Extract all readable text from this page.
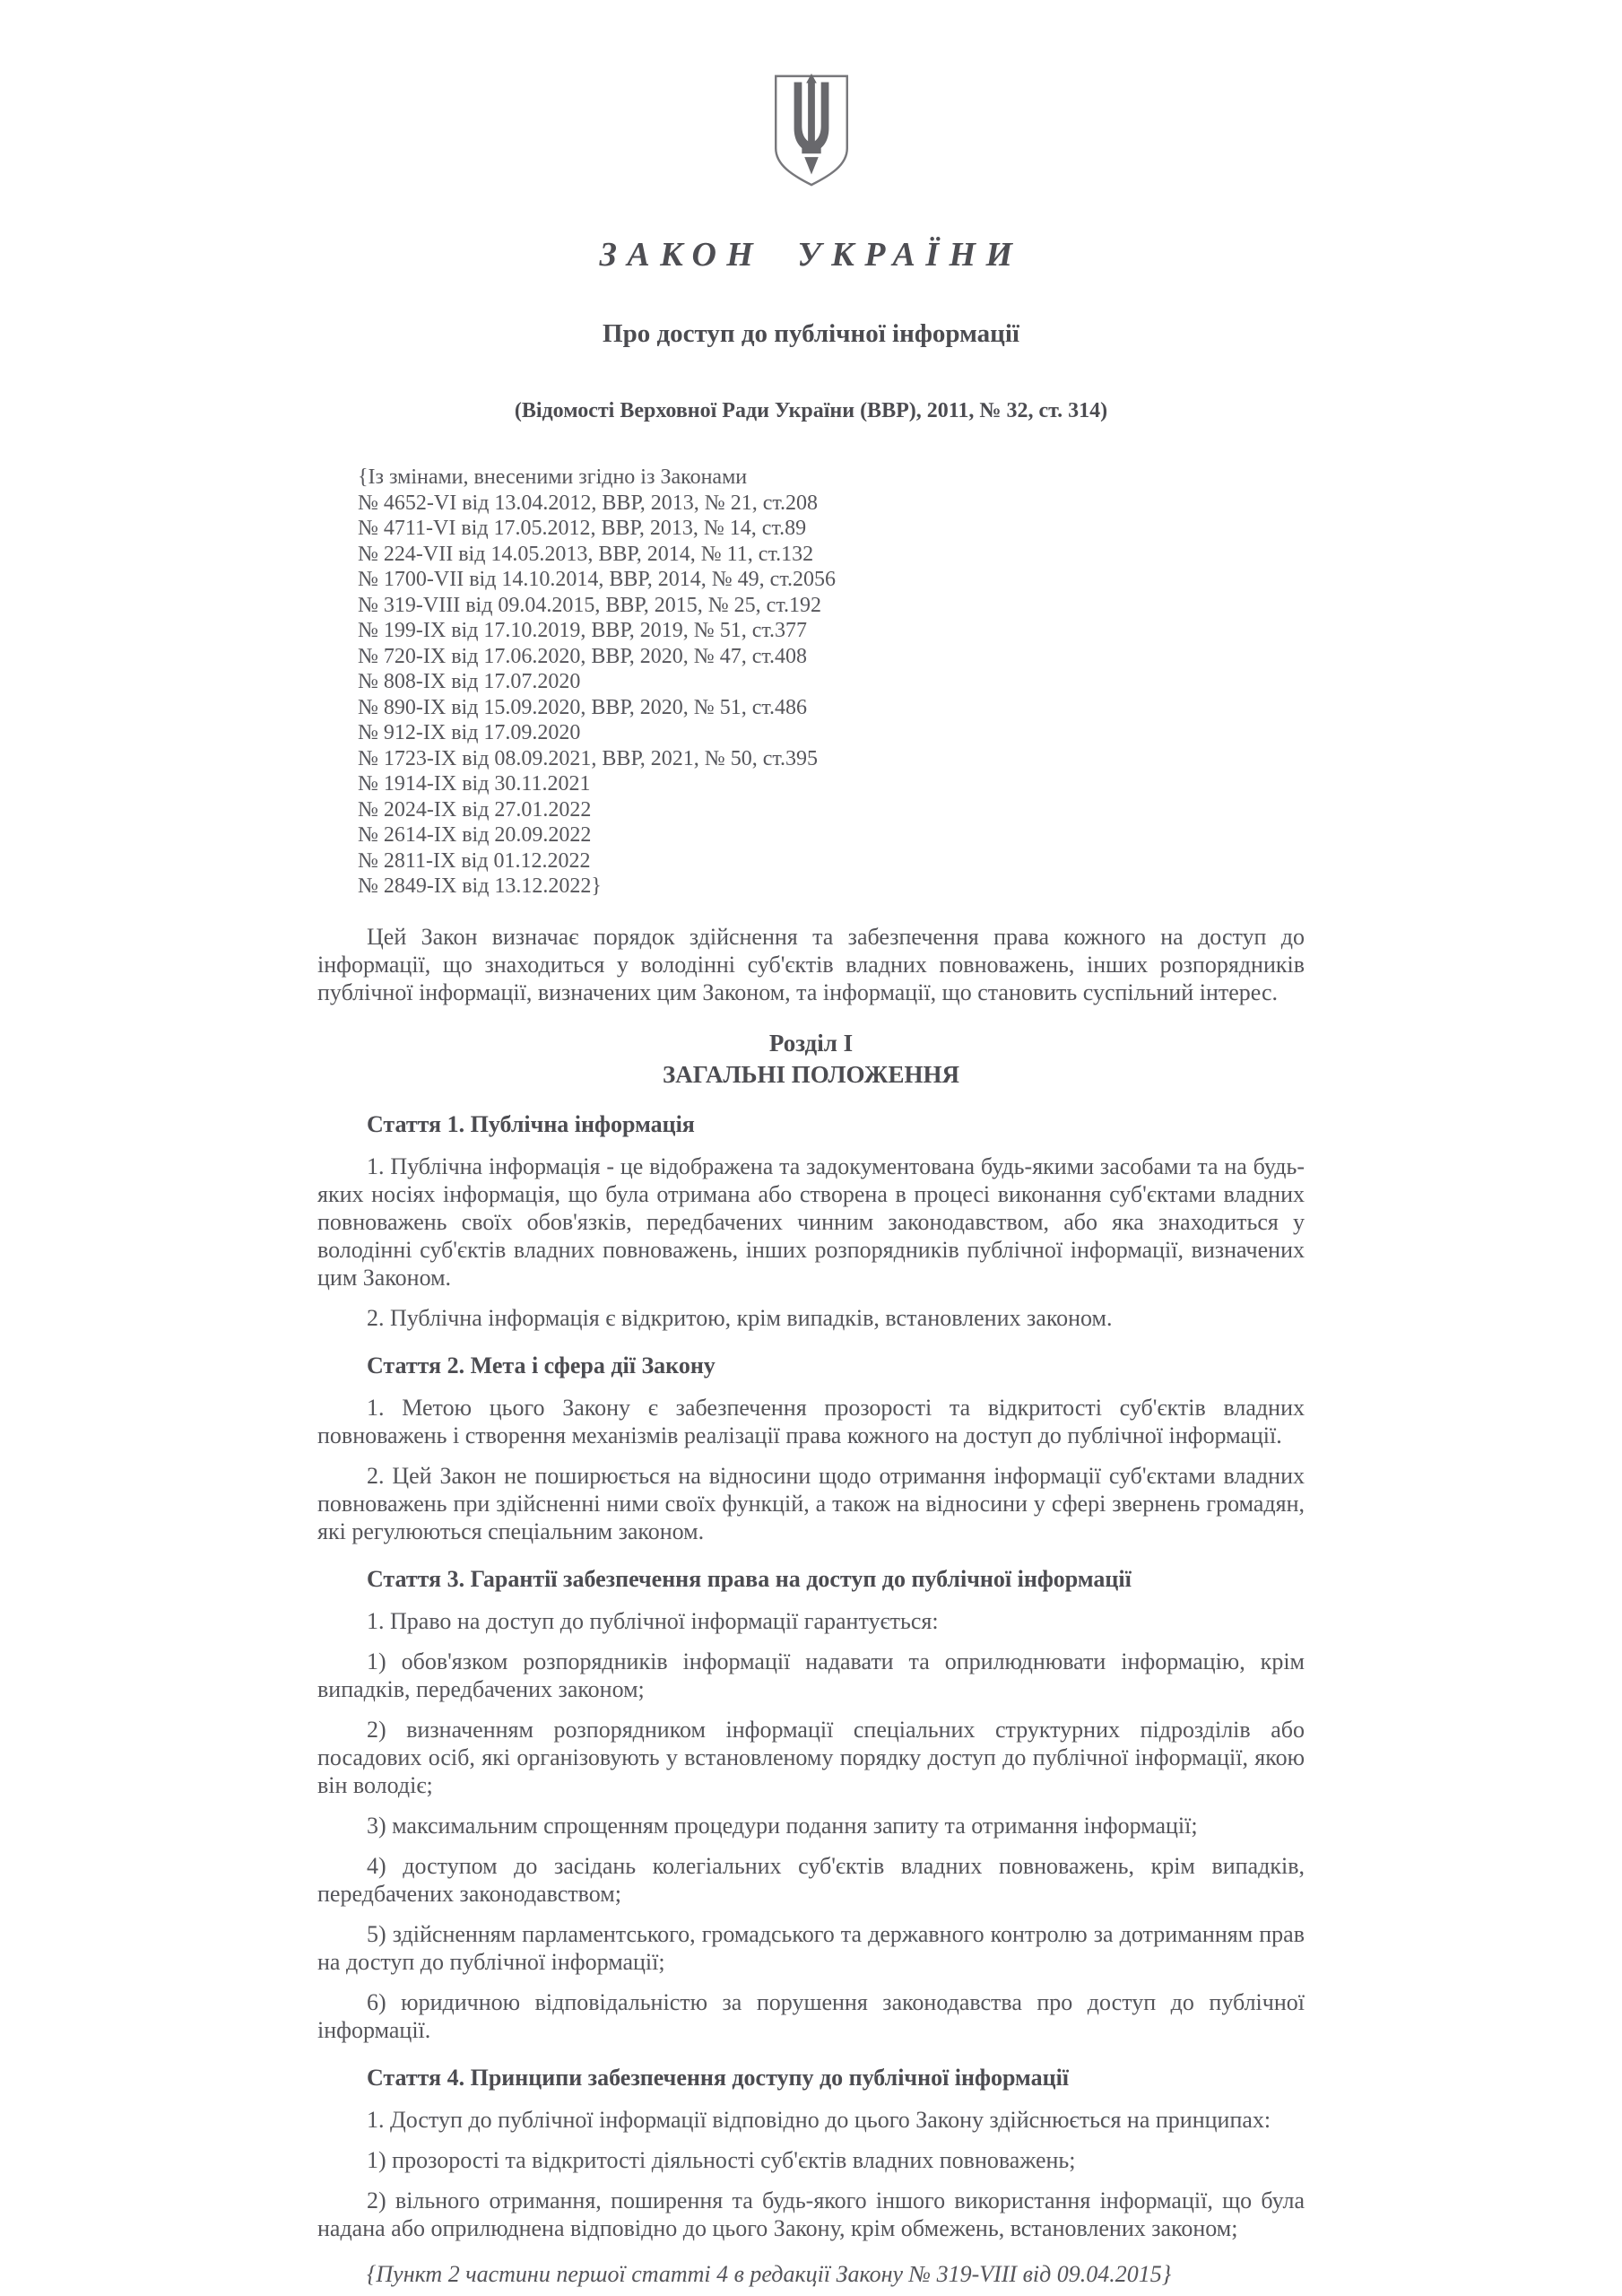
ЗАКОН УКРАЇНИ
Про доступ до публічної інформації
(Відомості Верховної Ради України (ВВР), 2011, № 32, ст. 314)
{Із змінами, внесеними згідно із Законами
№ 4652-VI від 13.04.2012, ВВР, 2013, № 21, ст.208
№ 4711-VI від 17.05.2012, ВВР, 2013, № 14, ст.89
№ 224-VII від 14.05.2013, ВВР, 2014, № 11, ст.132
№ 1700-VII від 14.10.2014, ВВР, 2014, № 49, ст.2056
№ 319-VIII від 09.04.2015, ВВР, 2015, № 25, ст.192
№ 199-IX від 17.10.2019, ВВР, 2019, № 51, ст.377
№ 720-IX від 17.06.2020, ВВР, 2020, № 47, ст.408
№ 808-IX від 17.07.2020
№ 890-IX від 15.09.2020, ВВР, 2020, № 51, ст.486
№ 912-IX від 17.09.2020
№ 1723-IX від 08.09.2021, ВВР, 2021, № 50, ст.395
№ 1914-IX від 30.11.2021
№ 2024-IX від 27.01.2022
№ 2614-IX від 20.09.2022
№ 2811-IX від 01.12.2022
№ 2849-IX від 13.12.2022}

Цей Закон визначає порядок здійснення та забезпечення права кожного на доступ до інформації, що знаходиться у володінні суб'єктів владних повноважень, інших розпорядників публічної інформації, визначених цим Законом, та інформації, що становить суспільний інтерес.

Розділ I
ЗАГАЛЬНІ ПОЛОЖЕННЯ

Стаття 1. Публічна інформація

1. Публічна інформація - це відображена та задокументована будь-якими засобами та на будь-яких носіях інформація, що була отримана або створена в процесі виконання суб'єктами владних повноважень своїх обов'язків, передбачених чинним законодавством, або яка знаходиться у володінні суб'єктів владних повноважень, інших розпорядників публічної інформації, визначених цим Законом.

2. Публічна інформація є відкритою, крім випадків, встановлених законом.

Стаття 2. Мета і сфера дії Закону

1. Метою цього Закону є забезпечення прозорості та відкритості суб'єктів владних повноважень і створення механізмів реалізації права кожного на доступ до публічної інформації.

2. Цей Закон не поширюється на відносини щодо отримання інформації суб'єктами владних повноважень при здійсненні ними своїх функцій, а також на відносини у сфері звернень громадян, які регулюються спеціальним законом.

Стаття 3. Гарантії забезпечення права на доступ до публічної інформації

1. Право на доступ до публічної інформації гарантується:

1) обов'язком розпорядників інформації надавати та оприлюднювати інформацію, крім випадків, передбачених законом;

2) визначенням розпорядником інформації спеціальних структурних підрозділів або посадових осіб, які організовують у встановленому порядку доступ до публічної інформації, якою він володіє;

3) максимальним спрощенням процедури подання запиту та отримання інформації;

4) доступом до засідань колегіальних суб'єктів владних повноважень, крім випадків, передбачених законодавством;

5) здійсненням парламентського, громадського та державного контролю за дотриманням прав на доступ до публічної інформації;

6) юридичною відповідальністю за порушення законодавства про доступ до публічної інформації.

Стаття 4. Принципи забезпечення доступу до публічної інформації

1. Доступ до публічної інформації відповідно до цього Закону здійснюється на принципах:

1) прозорості та відкритості діяльності суб'єктів владних повноважень;

2) вільного отримання, поширення та будь-якого іншого використання інформації, що була надана або оприлюднена відповідно до цього Закону, крім обмежень, встановлених законом;

{Пункт 2 частини першої статті 4 в редакції Закону № 319-VIII від 09.04.2015}
